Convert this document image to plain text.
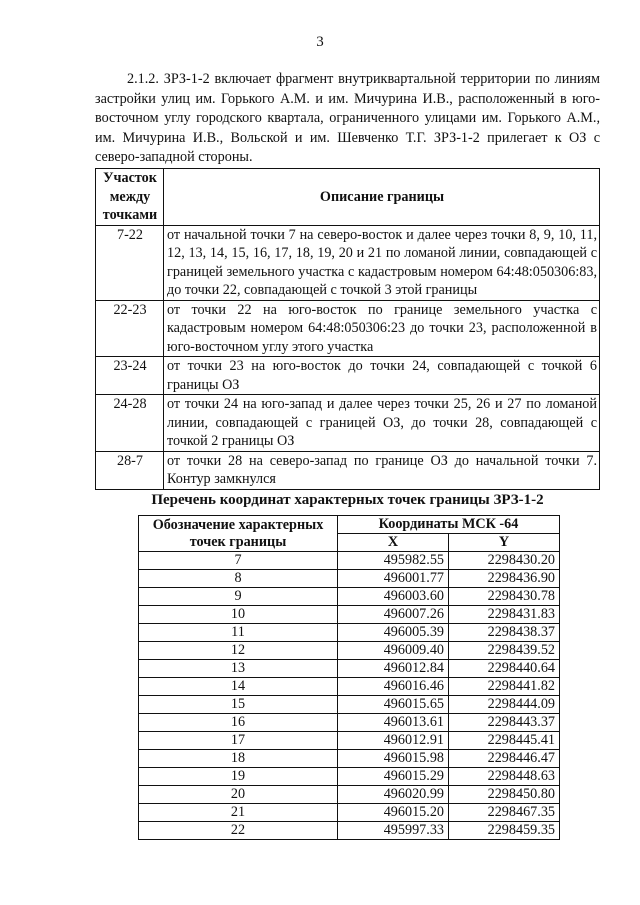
3

2.1.2. ЗРЗ-1-2 включает фрагмент внутриквартальной территории по линиям застройки улиц им. Горького А.М. и им. Мичурина И.В., расположенный в юго-восточном углу городского квартала, ограниченного улицами им. Горького А.М., им. Мичурина И.В., Вольской и им. Шевченко Т.Г. ЗРЗ-1-2 прилегает к ОЗ с северо-западной стороны.

Участок между точками	Описание границы
7-22	от начальной точки 7 на северо-восток и далее через точки 8, 9, 10, 11, 12, 13, 14, 15, 16, 17, 18, 19, 20 и 21 по ломаной линии, совпадающей с границей земельного участка с кадастровым номером 64:48:050306:83, до точки 22, совпадающей с точкой 3 этой границы
22-23	от точки 22 на юго-восток по границе земельного участка с кадастровым номером 64:48:050306:23 до точки 23, расположенной в юго-восточном углу этого участка
23-24	от точки 23 на юго-восток до точки 24, совпадающей с точкой 6 границы ОЗ
24-28	от точки 24 на юго-запад и далее через точки 25, 26 и 27 по ломаной линии, совпадающей с границей ОЗ, до точки 28, совпадающей с точкой 2 границы ОЗ
28-7	от точки 28 на северо-запад по границе ОЗ до начальной точки 7. Контур замкнулся
Перечень координат характерных точек границы ЗРЗ-1-2
Обозначение характерных точек границы	Координаты МСК -64	
	X	Y
7	495982.55	2298430.20
8	496001.77	2298436.90
9	496003.60	2298430.78
10	496007.26	2298431.83
11	496005.39	2298438.37
12	496009.40	2298439.52
13	496012.84	2298440.64
14	496016.46	2298441.82
15	496015.65	2298444.09
16	496013.61	2298443.37
17	496012.91	2298445.41
18	496015.98	2298446.47
19	496015.29	2298448.63
20	496020.99	2298450.80
21	496015.20	2298467.35
22	495997.33	2298459.35
